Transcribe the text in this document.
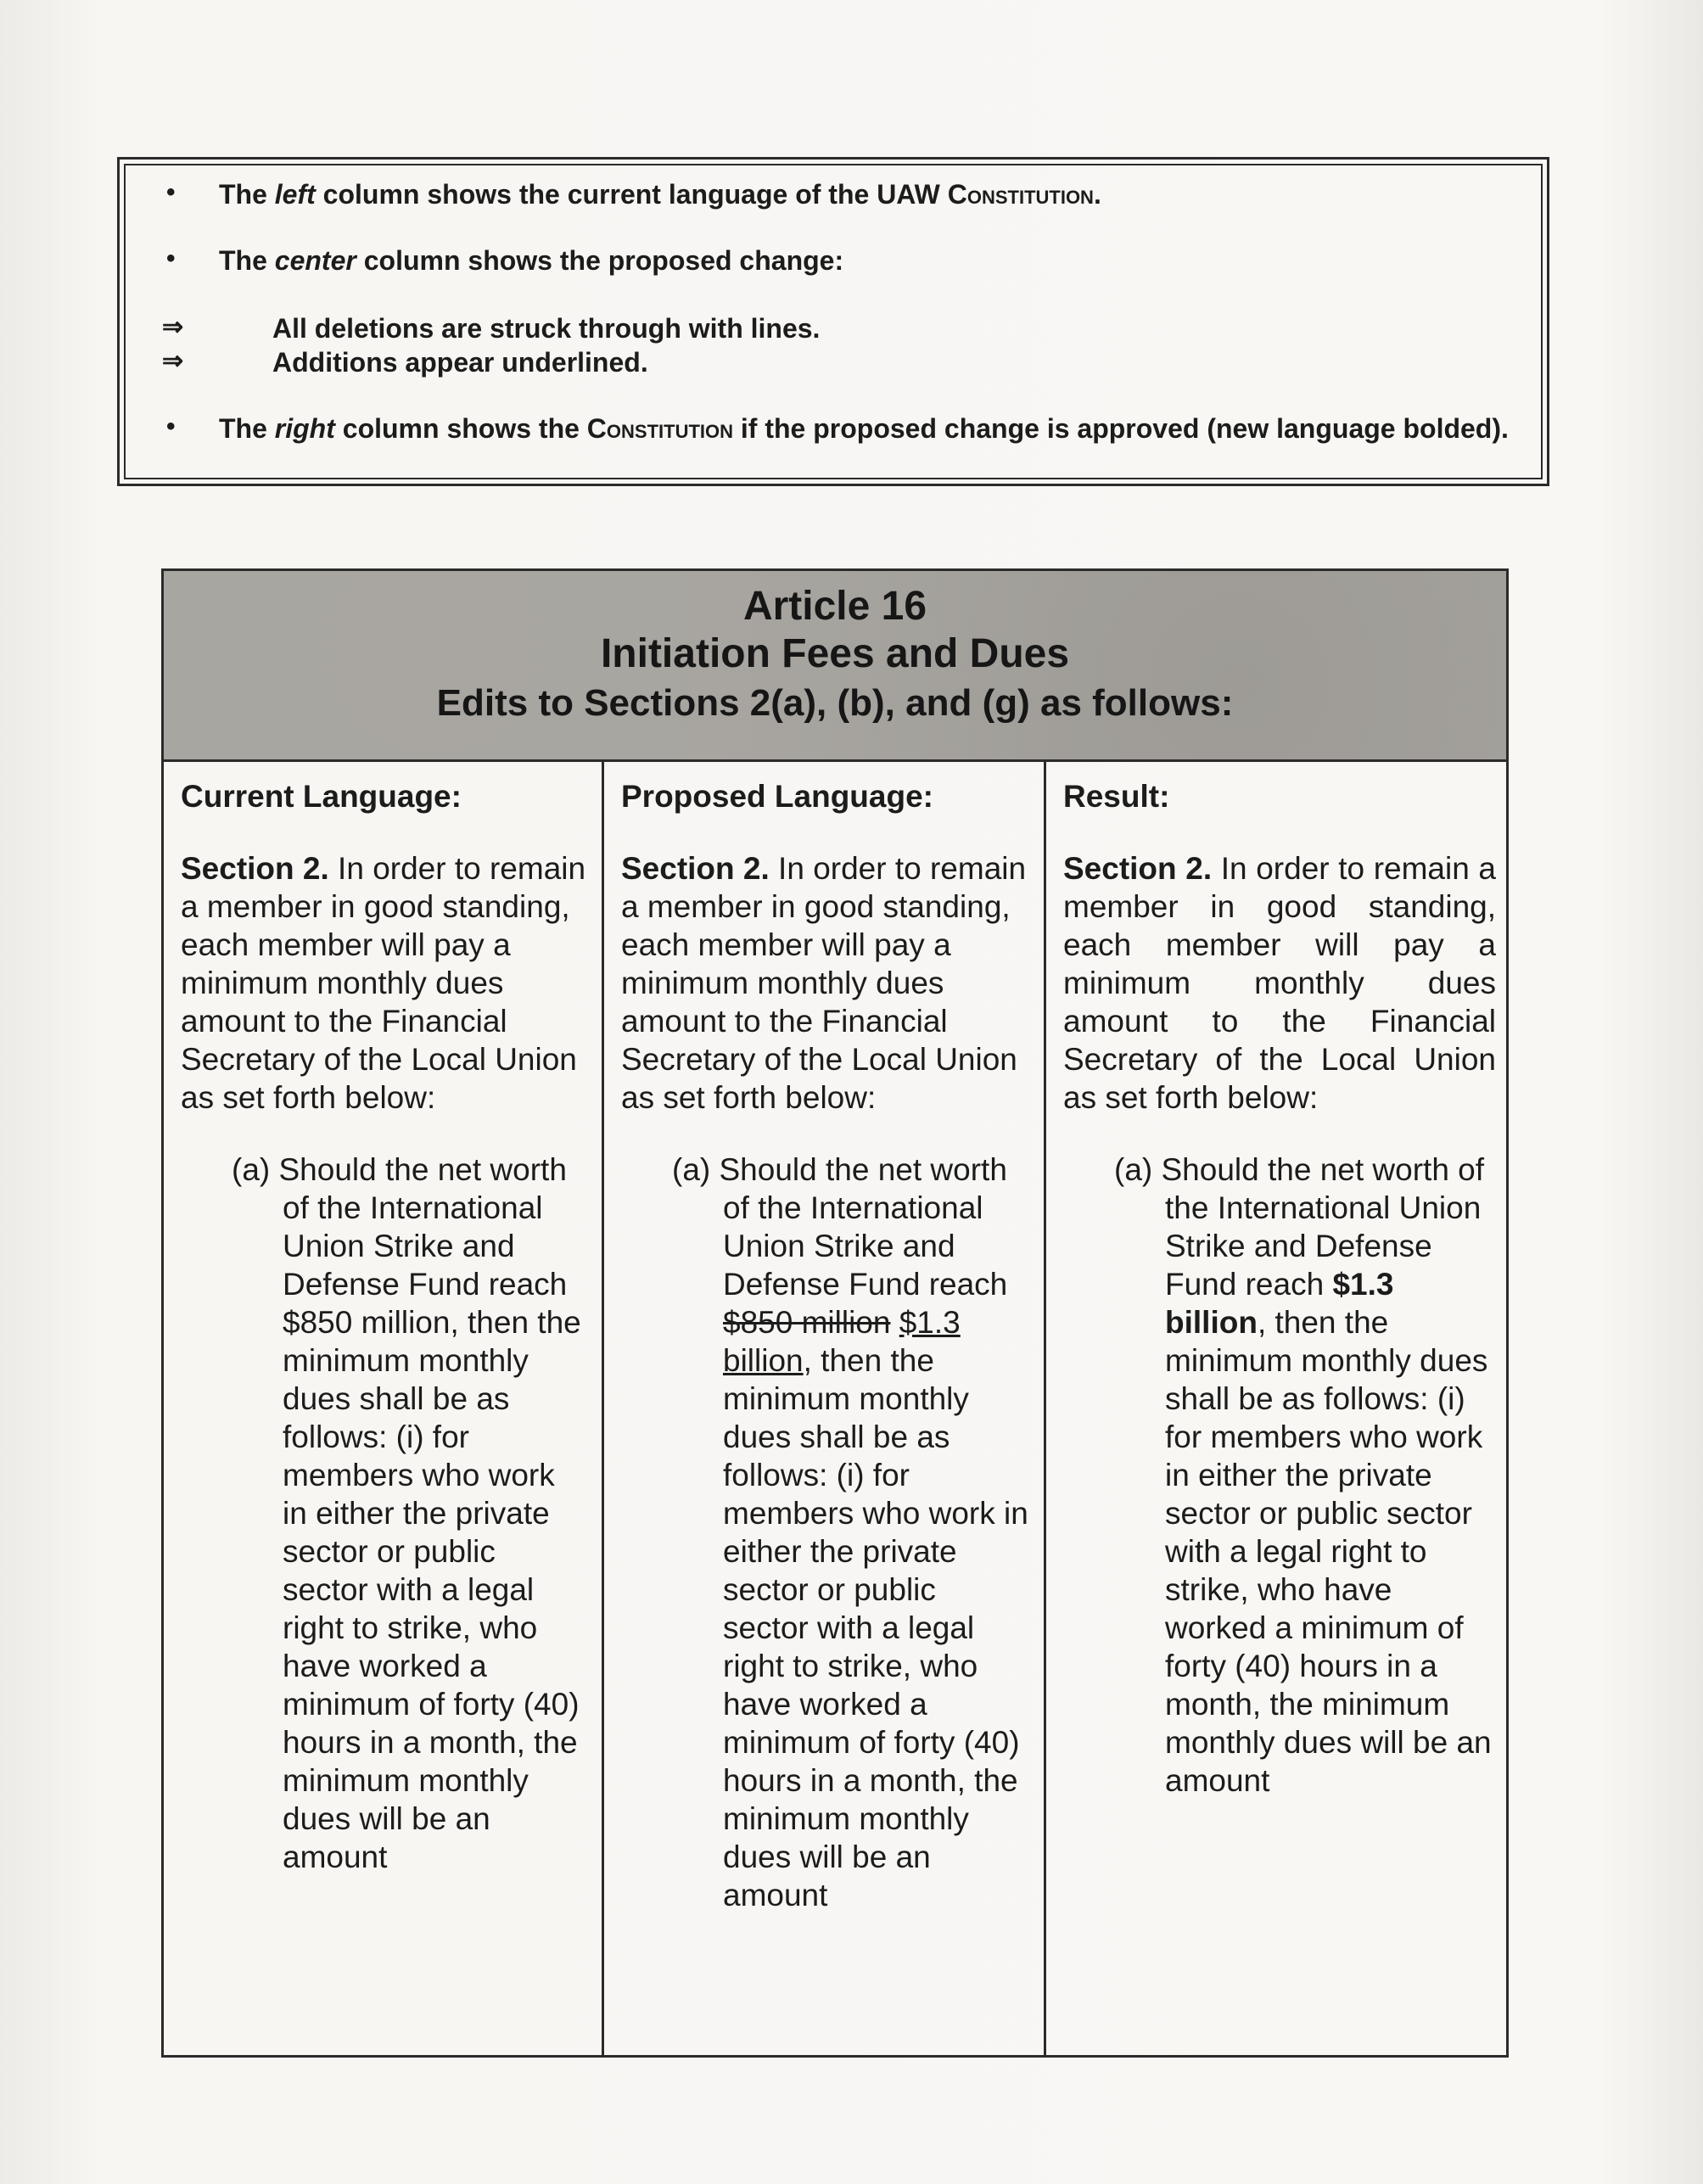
• The left column shows the current language of the UAW Constitution.
• The center column shows the proposed change:
⇒	All deletions are struck through with lines.
⇒	Additions appear underlined.
• The right column shows the Constitution if the proposed change is approved (new language bolded).
Article 16
Initiation Fees and Dues
Edits to Sections 2(a), (b), and (g) as follows:
Current Language:
Section 2. In order to remain a member in good standing, each member will pay a minimum monthly dues amount to the Financial Secretary of the Local Union as set forth below:
(a) Should the net worth of the International Union Strike and Defense Fund reach $850 million, then the minimum monthly dues shall be as follows: (i) for members who work in either the private sector or public sector with a legal right to strike, who have worked a minimum of forty (40) hours in a month, the minimum monthly dues will be an amount
Proposed Language:
Section 2. In order to remain a member in good standing, each member will pay a minimum monthly dues amount to the Financial Secretary of the Local Union as set forth below:
(a) Should the net worth of the International Union Strike and Defense Fund reach $850 million $1.3 billion, then the minimum monthly dues shall be as follows: (i) for members who work in either the private sector or public sector with a legal right to strike, who have worked a minimum of forty (40) hours in a month, the minimum monthly dues will be an amount
Result:
Section 2. In order to remain a member in good standing, each member will pay a minimum monthly dues amount to the Financial Secretary of the Local Union as set forth below:
(a) Should the net worth of the International Union Strike and Defense Fund reach $1.3 billion, then the minimum monthly dues shall be as follows: (i) for members who work in either the private sector or public sector with a legal right to strike, who have worked a minimum of forty (40) hours in a month, the minimum monthly dues will be an amount
